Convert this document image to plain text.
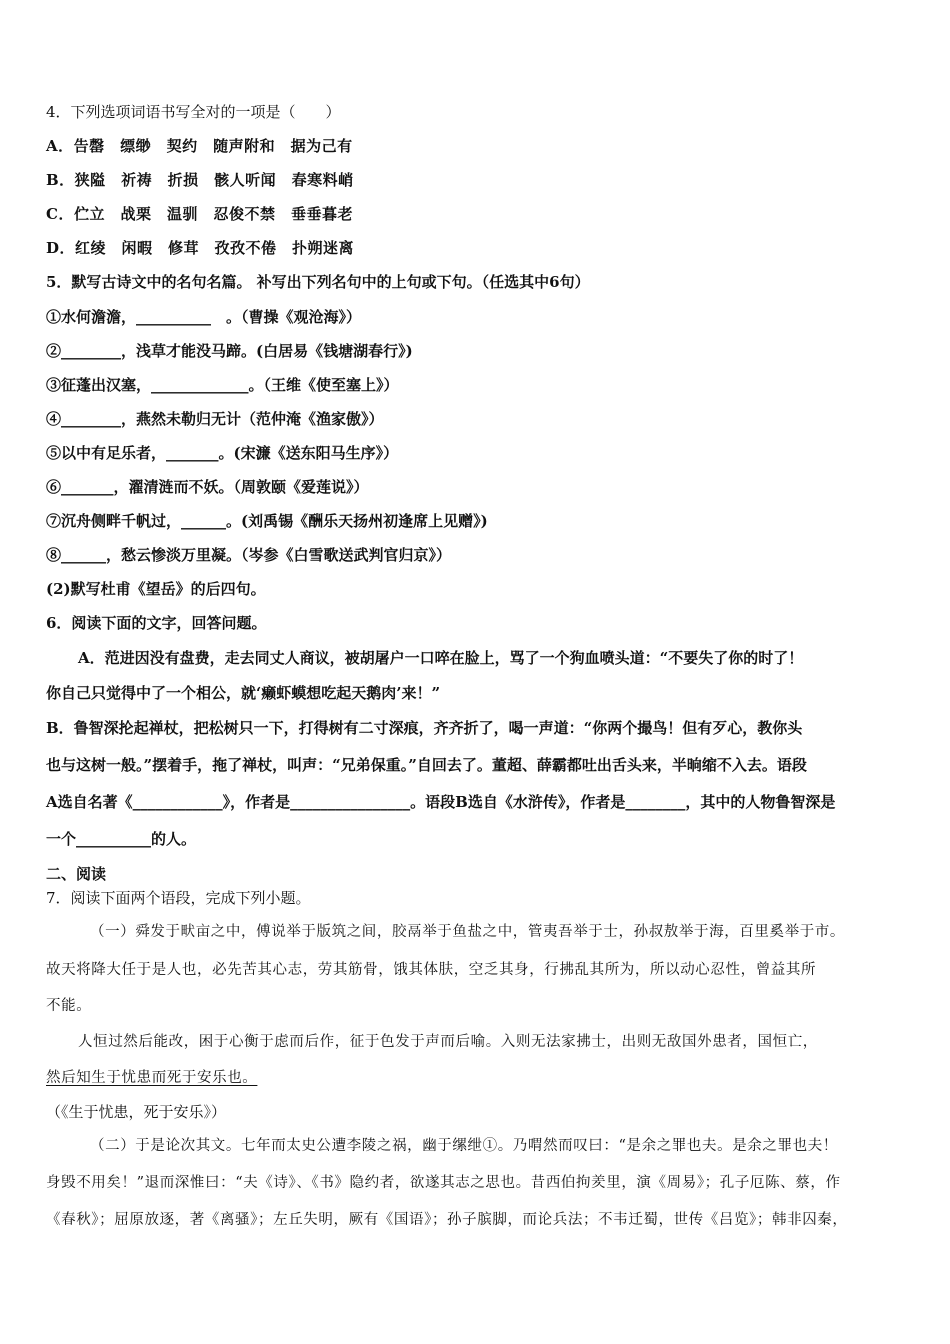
4．下列选项词语书写全对的一项是（　　）
A．告罄　缥缈　契约　随声附和　据为己有
B．狭隘　祈祷　折损　骸人听闻　春寒料峭
C．伫立　战栗　温驯　忍俊不禁　垂垂暮老
D．红绫　闲暇　修茸　孜孜不倦　扑朔迷离
5．默写古诗文中的名句名篇。 补写出下列名句中的上句或下句。（任选其中6句）
①水何澹澹，__________　。（曹操《观沧海》）
②________，浅草才能没马蹄。(白居易《钱塘湖春行》)
③征蓬出汉塞，_____________。（王维《使至塞上》）
④________，燕然未勒归无计（范仲淹《渔家傲》）
⑤以中有足乐者，_______。(宋濂《送东阳马生序》）
⑥_______，濯清涟而不妖。（周敦颐《爱莲说》）
⑦沉舟侧畔千帆过，______。(刘禹锡《酬乐天扬州初逢席上见赠》)
⑧______，愁云惨淡万里凝。（岑参《白雪歌送武判官归京》）
(2)默写杜甫《望岳》的后四句。
6．阅读下面的文字，回答问题。
A．范进因没有盘费，走去同丈人商议，被胡屠户一口啐在脸上，骂了一个狗血喷头道：“不要失了你的时了！
你自己只觉得中了一个相公，就‘癞虾蟆想吃起天鹅肉’来！”
B．鲁智深抡起禅杖，把松树只一下，打得树有二寸深痕，齐齐折了，喝一声道：“你两个撮鸟！但有歹心，教你头
也与这树一般。”摆着手，拖了禅杖，叫声：“兄弟保重。”自回去了。董超、薛霸都吐出舌头来，半晌缩不入去。语段
A选自名著《____________》，作者是________________。语段B选自《水浒传》，作者是________，其中的人物鲁智深是
一个__________的人。
二、阅读
7．阅读下面两个语段，完成下列小题。
（一）舜发于畎亩之中，傅说举于版筑之间，胶鬲举于鱼盐之中，管夷吾举于士，孙叔敖举于海，百里奚举于市。
故天将降大任于是人也，必先苦其心志，劳其筋骨，饿其体肤，空乏其身，行拂乱其所为，所以动心忍性，曾益其所
不能。
人恒过然后能改，困于心衡于虑而后作，征于色发于声而后喻。入则无法家拂士，出则无敌国外患者，国恒亡，
然后知生于忧患而死于安乐也。
（《生于忧患，死于安乐》）
（二）于是论次其文。七年而太史公遭李陵之祸，幽于缧绁①。乃喟然而叹曰：“是余之罪也夫。是余之罪也夫！
身毁不用矣！”退而深惟曰：“夫《诗》、《书》隐约者，欲遂其志之思也。昔西伯拘羑里，演《周易》；孔子厄陈、蔡，作
《春秋》；屈原放逐，著《离骚》；左丘失明，厥有《国语》；孙子膑脚，而论兵法；不韦迁蜀，世传《吕览》；韩非囚秦，
